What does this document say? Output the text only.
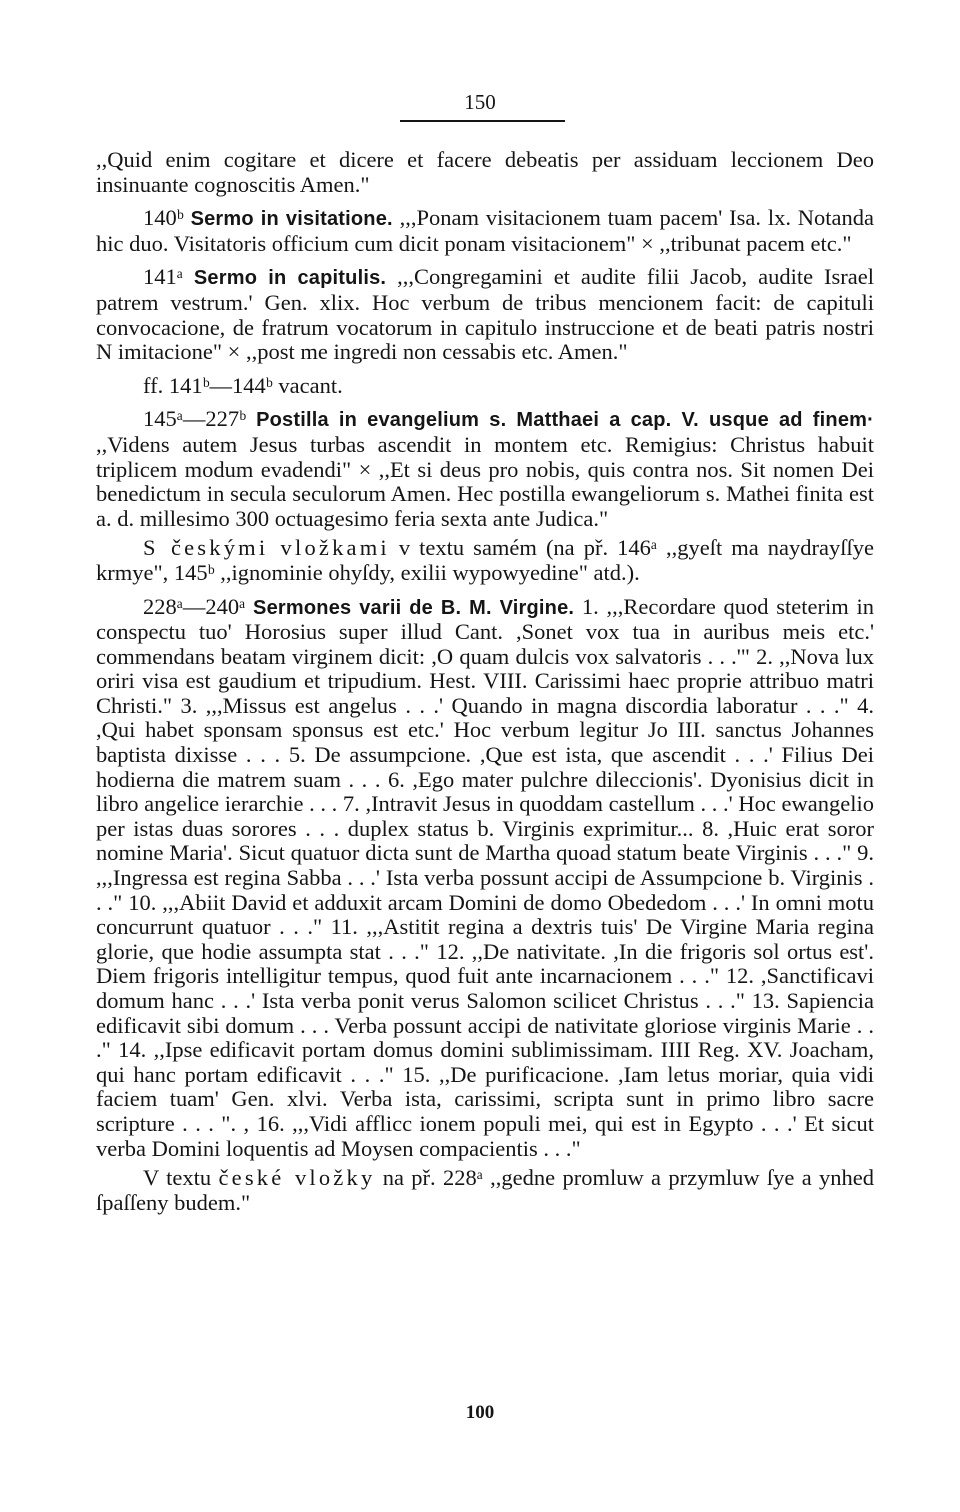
150

,,Quid enim cogitare et dicere et facere debeatis per assiduam leccionem Deo insinuante cognoscitis Amen."

140ᵇ Sermo in visitatione. ,,,Ponam visitacionem tuam pacem' Isa. lx. Notanda hic duo. Visitatoris officium cum dicit ponam visitacionem" × ,,tribunat pacem etc."

141ᵃ Sermo in capitulis. ,,,Congregamini et audite filii Jacob, audite Israel patrem vestrum.' Gen. xlix. Hoc verbum de tribus mencionem facit: de capituli convocacione, de fratrum vocatorum in capitulo instruccione et de beati patris nostri N imitacione" × ,,post me ingredi non cessabis etc. Amen."

ff. 141ᵇ—144ᵇ vacant.

145ᵃ—227ᵇ Postilla in evangelium s. Matthaei a cap. V. usque ad finem· ,,Videns autem Jesus turbas ascendit in montem etc. Remigius: Christus habuit triplicem modum evadendi" × ,,Et si deus pro nobis, quis contra nos. Sit nomen Dei benedictum in secula seculorum Amen. Hec postilla ewangeliorum s. Mathei finita est a. d. millesimo 300 octuagesimo feria sexta ante Judica."

S českými vložkami v textu samém (na př. 146ᵃ ,,gyeſt ma naydrayſſye krmye", 145ᵇ ,,ignominie ohyſdy, exilii wypowyedine" atd.).

228ᵃ—240ᵃ Sermones varii de B. M. Virgine. 1. ,,,Recordare quod steterim in conspectu tuo' Horosius super illud Cant. ,Sonet vox tua in auribus meis etc.' commendans beatam virginem dicit: ,O quam dulcis vox salvatoris . . .'" 2. ,,Nova lux oriri visa est gaudium et tripudium. Hest. VIII. Carissimi haec proprie attribuo matri Christi." 3. ,,,Missus est angelus . . .' Quando in magna discordia laboratur . . ." 4. ,Qui habet sponsam sponsus est etc.' Hoc verbum legitur Jo III. sanctus Johannes baptista dixisse . . . 5. De assumpcione. ,Que est ista, que ascendit . . .' Filius Dei hodierna die matrem suam . . . 6. ,Ego mater pulchre dileccionis'. Dyonisius dicit in libro angelice ierarchie . . . 7. ,Intravit Jesus in quoddam castellum . . .' Hoc ewangelio per istas duas sorores . . . duplex status b. Virginis exprimitur... 8. ,Huic erat soror nomine Maria'. Sicut quatuor dicta sunt de Martha quoad statum beate Virginis . . ." 9. ,,,Ingressa est regina Sabba . . .' Ista verba possunt accipi de Assumpcione b. Virginis . . ." 10. ,,,Abiit David et adduxit arcam Domini de domo Obededom . . .' In omni motu concurrunt quatuor . . ." 11. ,,,Astitit regina a dextris tuis' De Virgine Maria regina glorie, que hodie assumpta stat . . ." 12. ,,De nativitate. ,In die frigoris sol ortus est'. Diem frigoris intelligitur tempus, quod fuit ante incarnacionem . . ." 12. ,Sanctificavi domum hanc . . .' Ista verba ponit verus Salomon scilicet Christus . . ." 13. Sapiencia edificavit sibi domum . . . Verba possunt accipi de nativitate gloriose virginis Marie . . ." 14. ,,Ipse edificavit portam domus domini sublimissimam. IIII Reg. XV. Joacham, qui hanc portam edificavit . . ." 15. ,,De purificacione. ,Iam letus moriar, quia vidi faciem tuam' Gen. xlvi. Verba ista, carissimi, scripta sunt in primo libro sacre scripture . . . ". , 16. ,,,Vidi afflicc ionem populi mei, qui est in Egypto . . .' Et sicut verba Domini loquentis ad Moysen compacientis . . ."

V textu české vložky na př. 228ᵃ ,,gedne promluw a przymluw ſye a ynhed ſpaſſeny budem."

100
